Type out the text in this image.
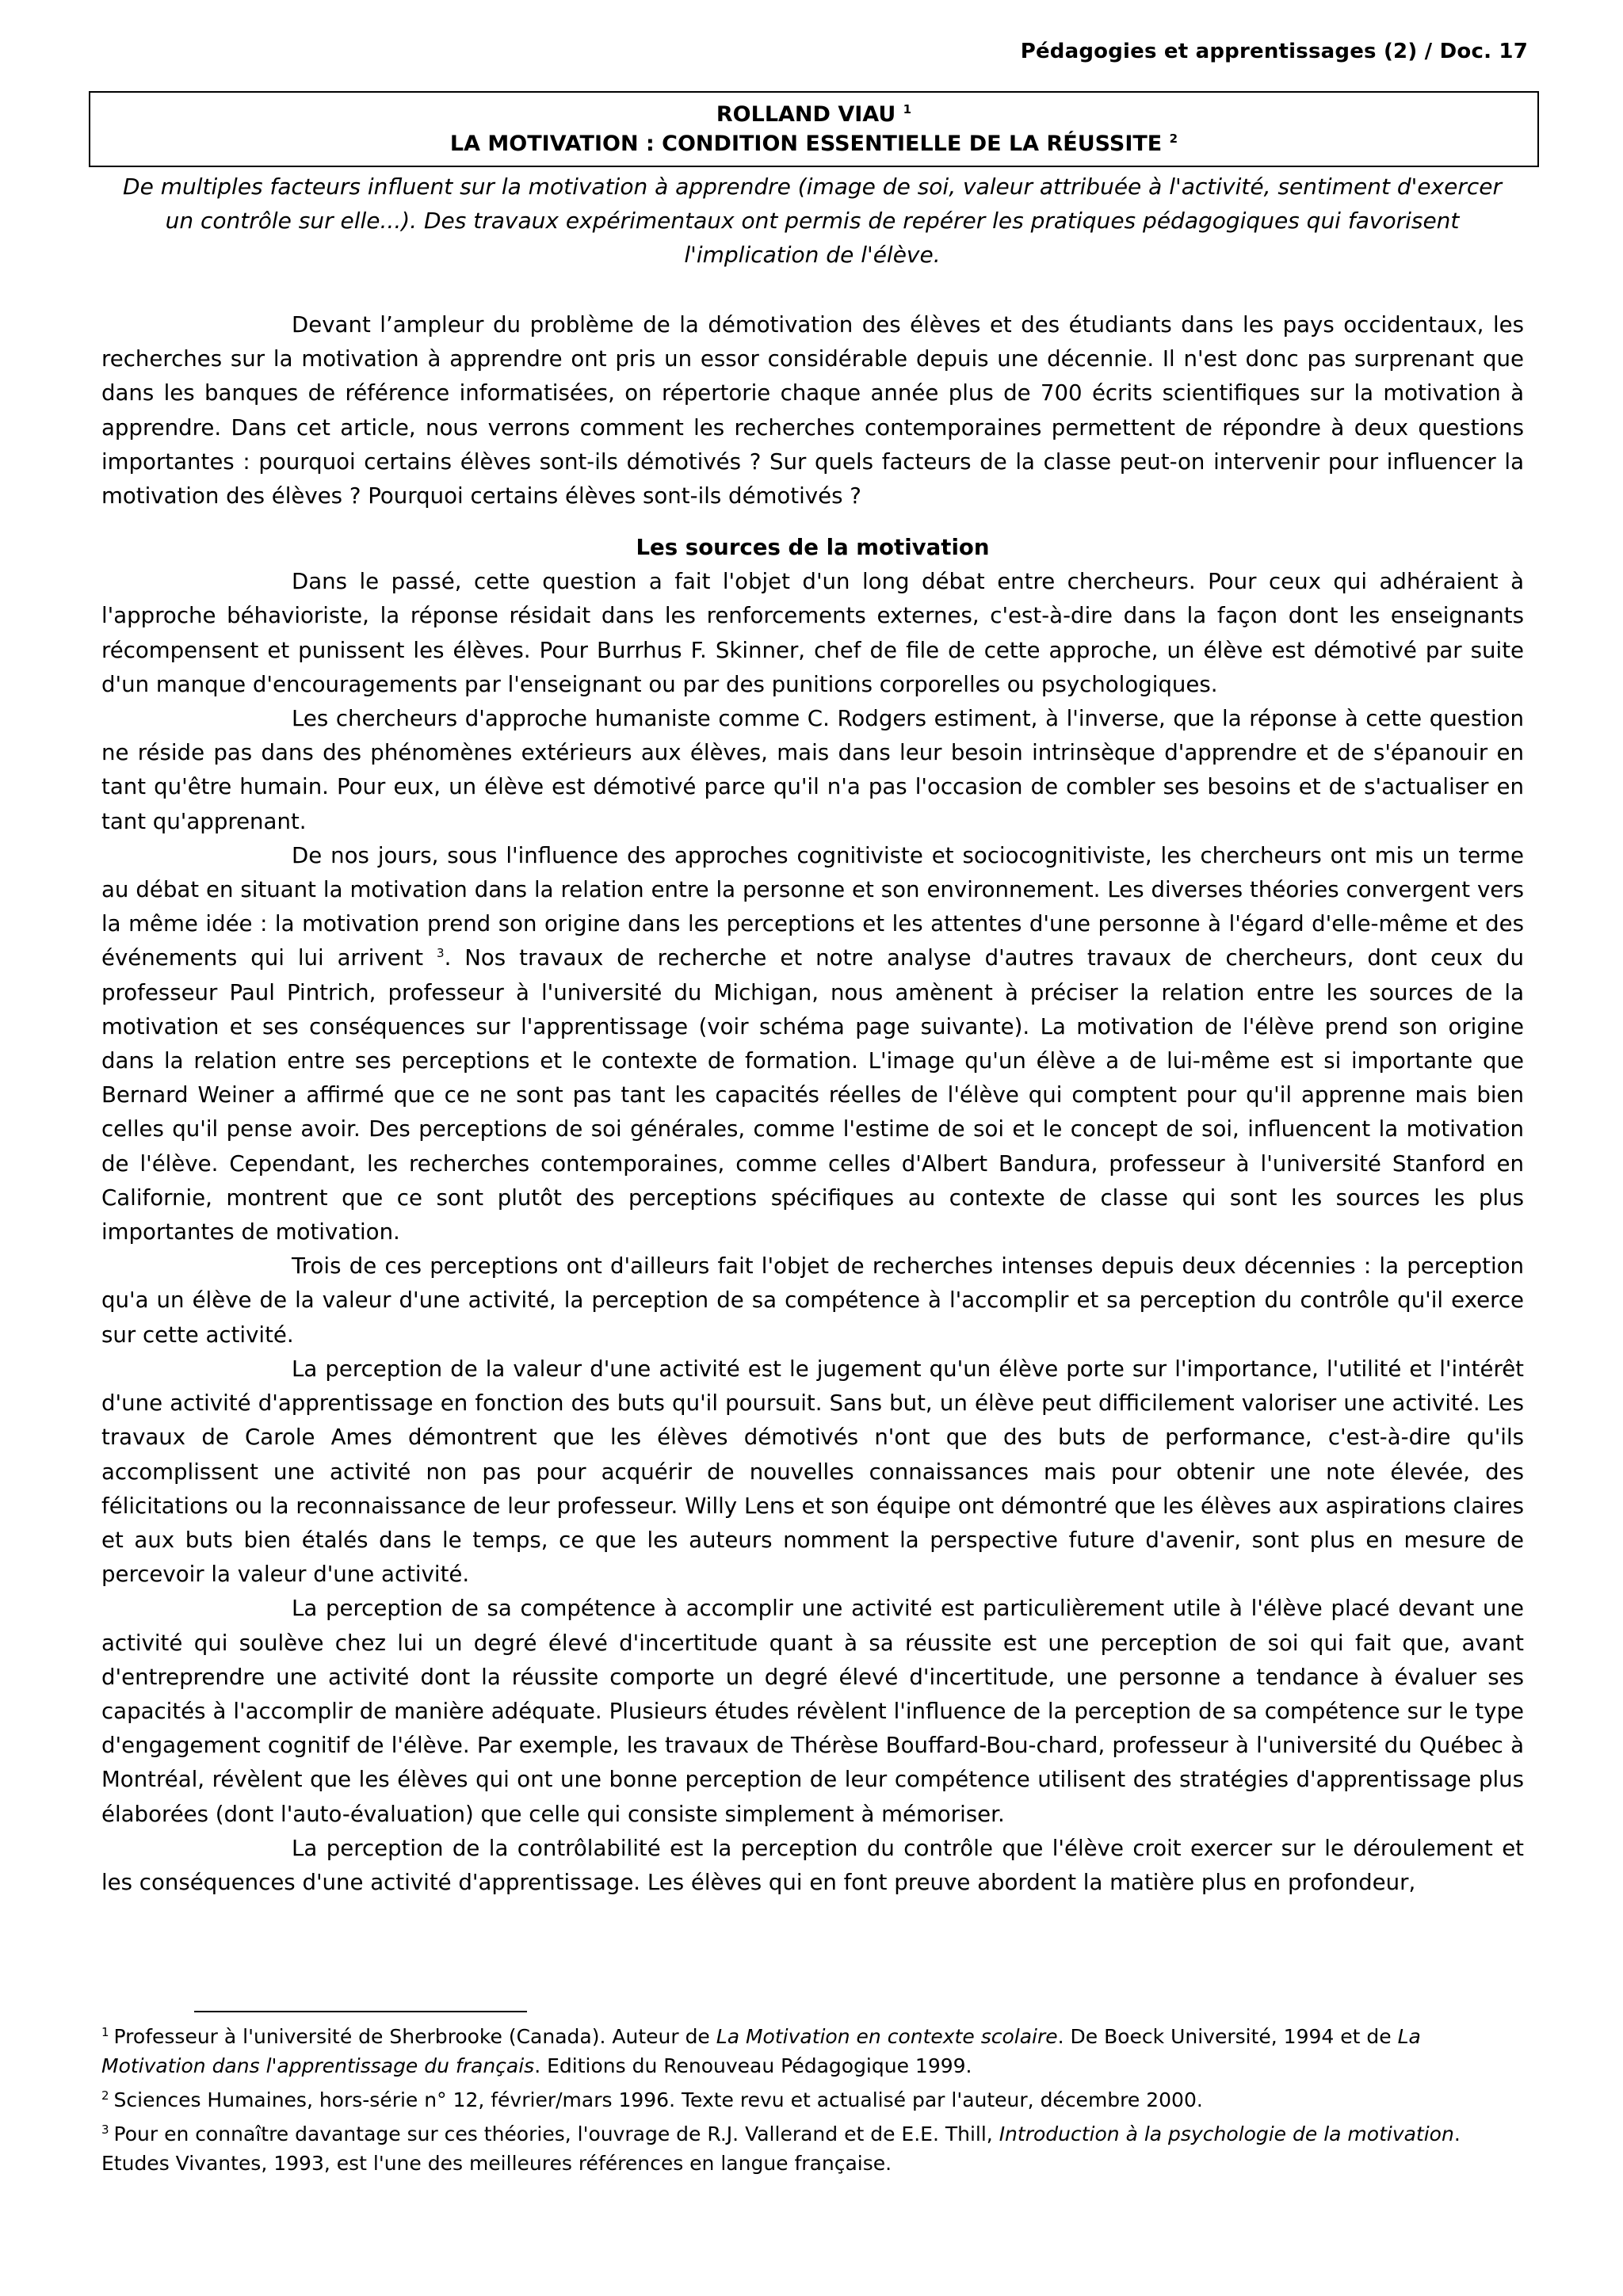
Pédagogies et apprentissages (2) / Doc. 17
ROLLAND VIAU $^1$
LA MOTIVATION : CONDITION ESSENTIELLE DE LA RÉUSSITE $^2$
De multiples facteurs influent sur la motivation à apprendre (image de soi, valeur attribuée à l'activité, sentiment d'exercer un contrôle sur elle...). Des travaux expérimentaux ont permis de repérer les pratiques pédagogiques qui favorisent l'implication de l'élève.

Devant l’ampleur du problème de la démotivation des élèves et des étudiants dans les pays occidentaux, les recherches sur la motivation à apprendre ont pris un essor considérable depuis une décennie. Il n'est donc pas surprenant que dans les banques de référence informatisées, on répertorie chaque année plus de 700 écrits scientifiques sur la motivation à apprendre. Dans cet article, nous verrons comment les recherches contemporaines permettent de répondre à deux questions importantes : pourquoi certains élèves sont-ils démotivés ? Sur quels facteurs de la classe peut-on intervenir pour influencer la motivation des élèves ? Pourquoi certains élèves sont-ils démotivés ?

Les sources de la motivation

Dans le passé, cette question a fait l'objet d'un long débat entre chercheurs. Pour ceux qui adhéraient à l'approche béhavioriste, la réponse résidait dans les renforcements externes, c'est-à-dire dans la façon dont les enseignants récompensent et punissent les élèves. Pour Burrhus F. Skinner, chef de file de cette approche, un élève est démotivé par suite d'un manque d'encouragements par l'enseignant ou par des punitions corporelles ou psychologiques.

Les chercheurs d'approche humaniste comme C. Rodgers estiment, à l'inverse, que la réponse à cette question ne réside pas dans des phénomènes extérieurs aux élèves, mais dans leur besoin intrinsèque d'apprendre et de s'épanouir en tant qu'être humain. Pour eux, un élève est démotivé parce qu'il n'a pas l'occasion de combler ses besoins et de s'actualiser en tant qu'apprenant.

De nos jours, sous l'influence des approches cognitiviste et sociocognitiviste, les chercheurs ont mis un terme au débat en situant la motivation dans la relation entre la personne et son environnement. Les diverses théories convergent vers la même idée : la motivation prend son origine dans les perceptions et les attentes d'une personne à l'égard d'elle-même et des événements qui lui arrivent $^3$. Nos travaux de recherche et notre analyse d'autres travaux de chercheurs, dont ceux du professeur Paul Pintrich, professeur à l'université du Michigan, nous amènent à préciser la relation entre les sources de la motivation et ses conséquences sur l'apprentissage (voir schéma page suivante). La motivation de l'élève prend son origine dans la relation entre ses perceptions et le contexte de formation. L'image qu'un élève a de lui-même est si importante que Bernard Weiner a affirmé que ce ne sont pas tant les capacités réelles de l'élève qui comptent pour qu'il apprenne mais bien celles qu'il pense avoir. Des perceptions de soi générales, comme l'estime de soi et le concept de soi, influencent la motivation de l'élève. Cependant, les recherches contemporaines, comme celles d'Albert Bandura, professeur à l'université Stanford en Californie, montrent que ce sont plutôt des perceptions spécifiques au contexte de classe qui sont les sources les plus importantes de motivation.

Trois de ces perceptions ont d'ailleurs fait l'objet de recherches intenses depuis deux décennies : la perception qu'a un élève de la valeur d'une activité, la perception de sa compétence à l'accomplir et sa perception du contrôle qu'il exerce sur cette activité.

La perception de la valeur d'une activité est le jugement qu'un élève porte sur l'importance, l'utilité et l'intérêt d'une activité d'apprentissage en fonction des buts qu'il poursuit. Sans but, un élève peut difficilement valoriser une activité. Les travaux de Carole Ames démontrent que les élèves démotivés n'ont que des buts de performance, c'est-à-dire qu'ils accomplissent une activité non pas pour acquérir de nouvelles connaissances mais pour obtenir une note élevée, des félicitations ou la reconnaissance de leur professeur. Willy Lens et son équipe ont démontré que les élèves aux aspirations claires et aux buts bien étalés dans le temps, ce que les auteurs nomment la perspective future d'avenir, sont plus en mesure de percevoir la valeur d'une activité.

La perception de sa compétence à accomplir une activité est particulièrement utile à l'élève placé devant une activité qui soulève chez lui un degré élevé d'incertitude quant à sa réussite est une perception de soi qui fait que, avant d'entreprendre une activité dont la réussite comporte un degré élevé d'incertitude, une personne a tendance à évaluer ses capacités à l'accomplir de manière adéquate. Plusieurs études révèlent l'influence de la perception de sa compétence sur le type d'engagement cognitif de l'élève. Par exemple, les travaux de Thérèse Bouffard-Bou-chard, professeur à l'université du Québec à Montréal, révèlent que les élèves qui ont une bonne perception de leur compétence utilisent des stratégies d'apprentissage plus élaborées (dont l'auto-évaluation) que celle qui consiste simplement à mémoriser.

La perception de la contrôlabilité est la perception du contrôle que l'élève croit exercer sur le déroulement et les conséquences d'une activité d'apprentissage. Les élèves qui en font preuve abordent la matière plus en profondeur,

$^1$ Professeur à l'université de Sherbrooke (Canada). Auteur de La Motivation en contexte scolaire. De Boeck Université, 1994 et de La Motivation dans l'apprentissage du français. Editions du Renouveau Pédagogique 1999.
$^2$ Sciences Humaines, hors-série n° 12, février/mars 1996. Texte revu et actualisé par l'auteur, décembre 2000.
$^3$ Pour en connaître davantage sur ces théories, l'ouvrage de R.J. Vallerand et de E.E. Thill, Introduction à la psychologie de la motivation. Etudes Vivantes, 1993, est l'une des meilleures références en langue française.
